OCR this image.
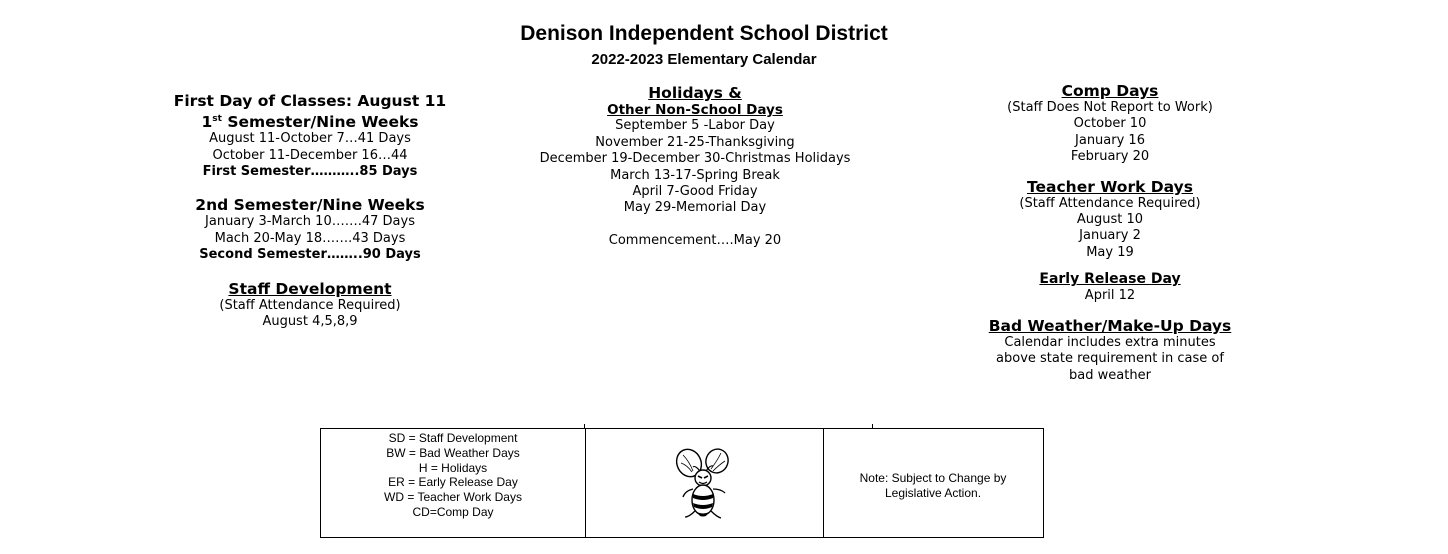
Denison Independent School District
2022-2023 Elementary Calendar
First Day of Classes: August 11
1st Semester/Nine Weeks
August 11-October 7…41 Days
October 11-December 16…44
First Semester………..85 Days
2nd Semester/Nine Weeks
January 3-March 10…….47 Days
Mach 20-May 18…….43 Days
Second Semester……..90 Days
Staff Development
(Staff Attendance Required)
August 4,5,8,9
Holidays &
Other Non-School Days
September 5 -Labor Day
November 21-25-Thanksgiving
December 19-December 30-Christmas Holidays
March 13-17-Spring Break
April 7-Good Friday
May 29-Memorial Day
Commencement….May 20
Comp Days
(Staff Does Not Report to Work)
October 10
January 16
February 20
Teacher Work Days
(Staff Attendance Required)
August 10
January 2
May 19
Early Release Day
April 12
Bad Weather/Make-Up Days
Calendar includes extra minutes
above state requirement in case of
bad weather
SD = Staff Development
BW = Bad Weather Days
H = Holidays
ER = Early Release Day
WD = Teacher Work Days
CD=Comp Day
Note: Subject to Change by
Legislative Action.
